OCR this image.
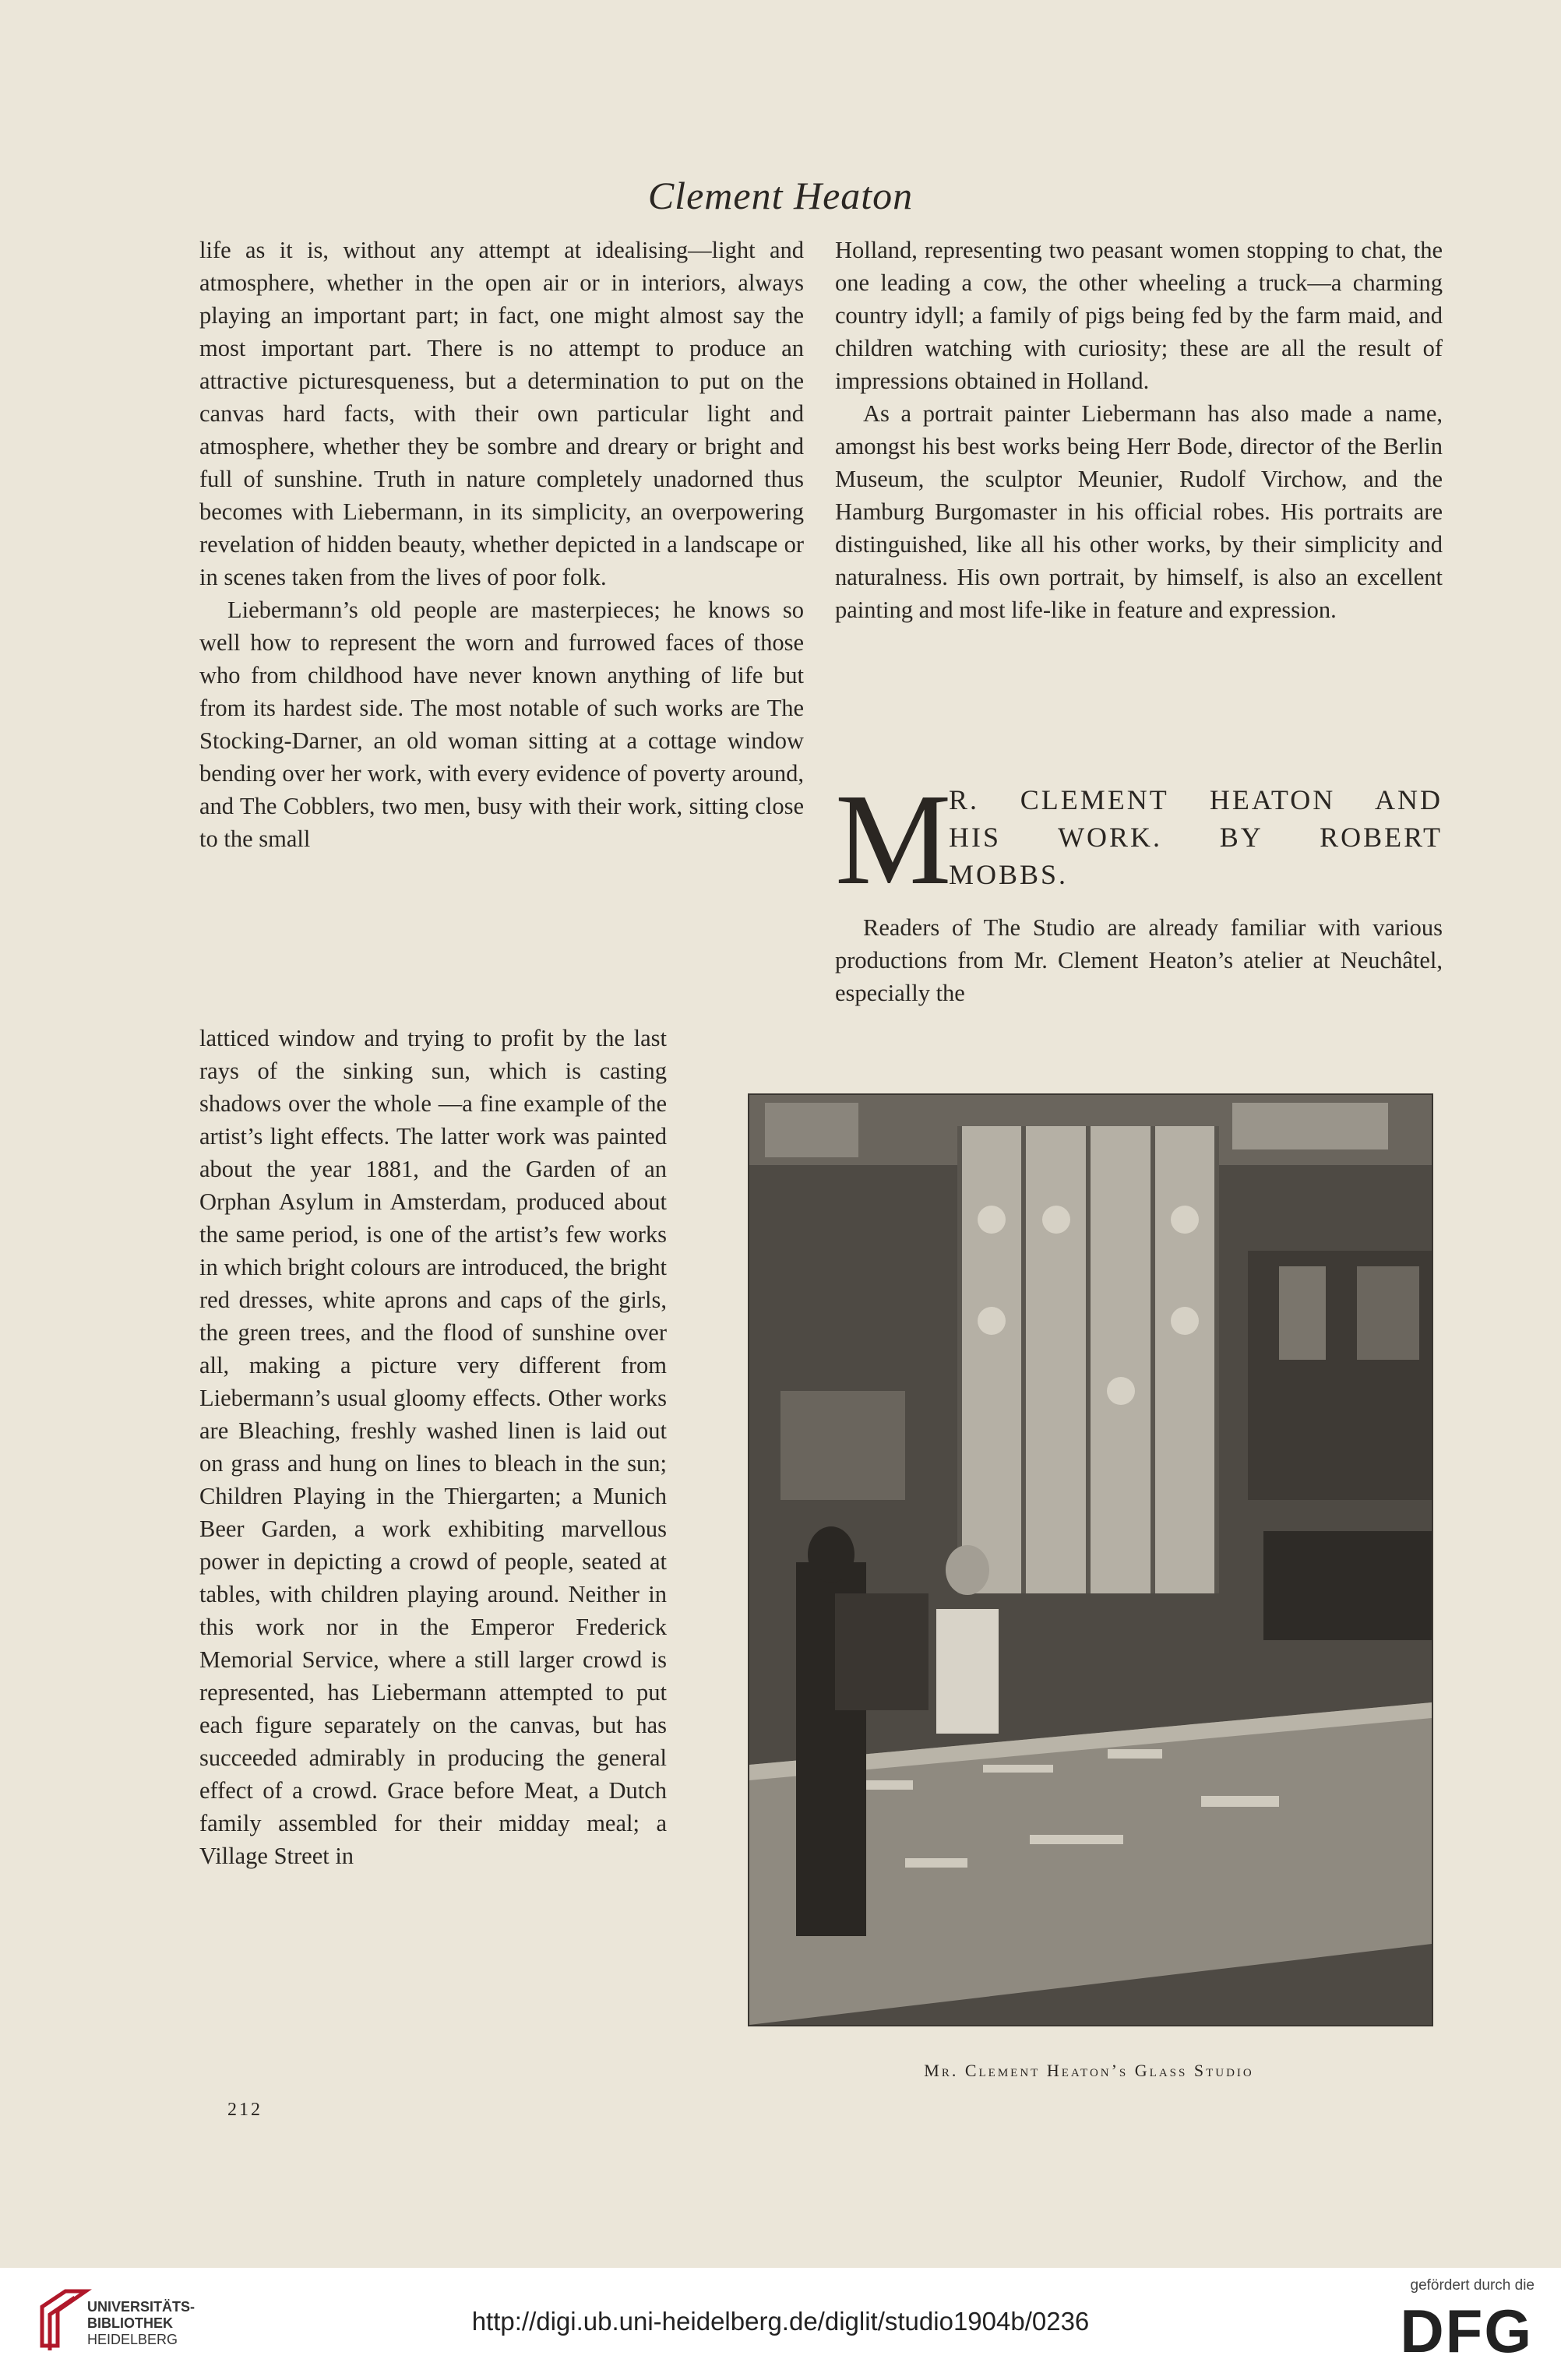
Clement Heaton

life as it is, without any attempt at idealising—light and atmosphere, whether in the open air or in interiors, always playing an important part; in fact, one might almost say the most important part. There is no attempt to produce an attractive picturesqueness, but a determination to put on the canvas hard facts, with their own particular light and atmosphere, whether they be sombre and dreary or bright and full of sunshine. Truth in nature completely unadorned thus becomes with Liebermann, in its simplicity, an overpowering revelation of hidden beauty, whether depicted in a landscape or in scenes taken from the lives of poor folk.

Liebermann’s old people are masterpieces; he knows so well how to represent the worn and furrowed faces of those who from childhood have never known anything of life but from its hardest side. The most notable of such works are The Stocking-Darner, an old woman sitting at a cottage window bending over her work, with every evidence of poverty around, and The Cobblers, two men, busy with their work, sitting close to the small

latticed window and trying to profit by the last rays of the sinking sun, which is casting shadows over the whole —a fine example of the artist’s light effects. The latter work was painted about the year 1881, and the Garden of an Orphan Asylum in Amsterdam, produced about the same period, is one of the artist’s few works in which bright colours are introduced, the bright red dresses, white aprons and caps of the girls, the green trees, and the flood of sunshine over all, making a picture very different from Liebermann’s usual gloomy effects. Other works are Bleaching, freshly washed linen is laid out on grass and hung on lines to bleach in the sun; Children Playing in the Thiergarten; a Munich Beer Garden, a work exhibiting marvellous power in depicting a crowd of people, seated at tables, with children playing around. Neither in this work nor in the Emperor Frederick Memorial Service, where a still larger crowd is represented, has Liebermann attempted to put each figure separately on the canvas, but has succeeded admirably in producing the general effect of a crowd. Grace before Meat, a Dutch family assembled for their midday meal; a Village Street in

Holland, representing two peasant women stopping to chat, the one leading a cow, the other wheeling a truck—a charming country idyll; a family of pigs being fed by the farm maid, and children watching with curiosity; these are all the result of impressions obtained in Holland.

As a portrait painter Liebermann has also made a name, amongst his best works being Herr Bode, director of the Berlin Museum, the sculptor Meunier, Rudolf Virchow, and the Hamburg Burgomaster in his official robes. His portraits are distinguished, like all his other works, by their simplicity and naturalness. His own portrait, by himself, is also an excellent painting and most life-like in feature and expression.

M
R. CLEMENT HEATON AND
HIS WORK. BY ROBERT
MOBBS.

Readers of The Studio are already familiar with various productions from Mr. Clement Heaton’s atelier at Neuchâtel, especially the

Mr. Clement Heaton’s Glass Studio
212
UNIVERSITÄTS-
BIBLIOTHEK
HEIDELBERG
http://digi.ub.uni-heidelberg.de/diglit/studio1904b/0236
gefördert durch die
DFG
